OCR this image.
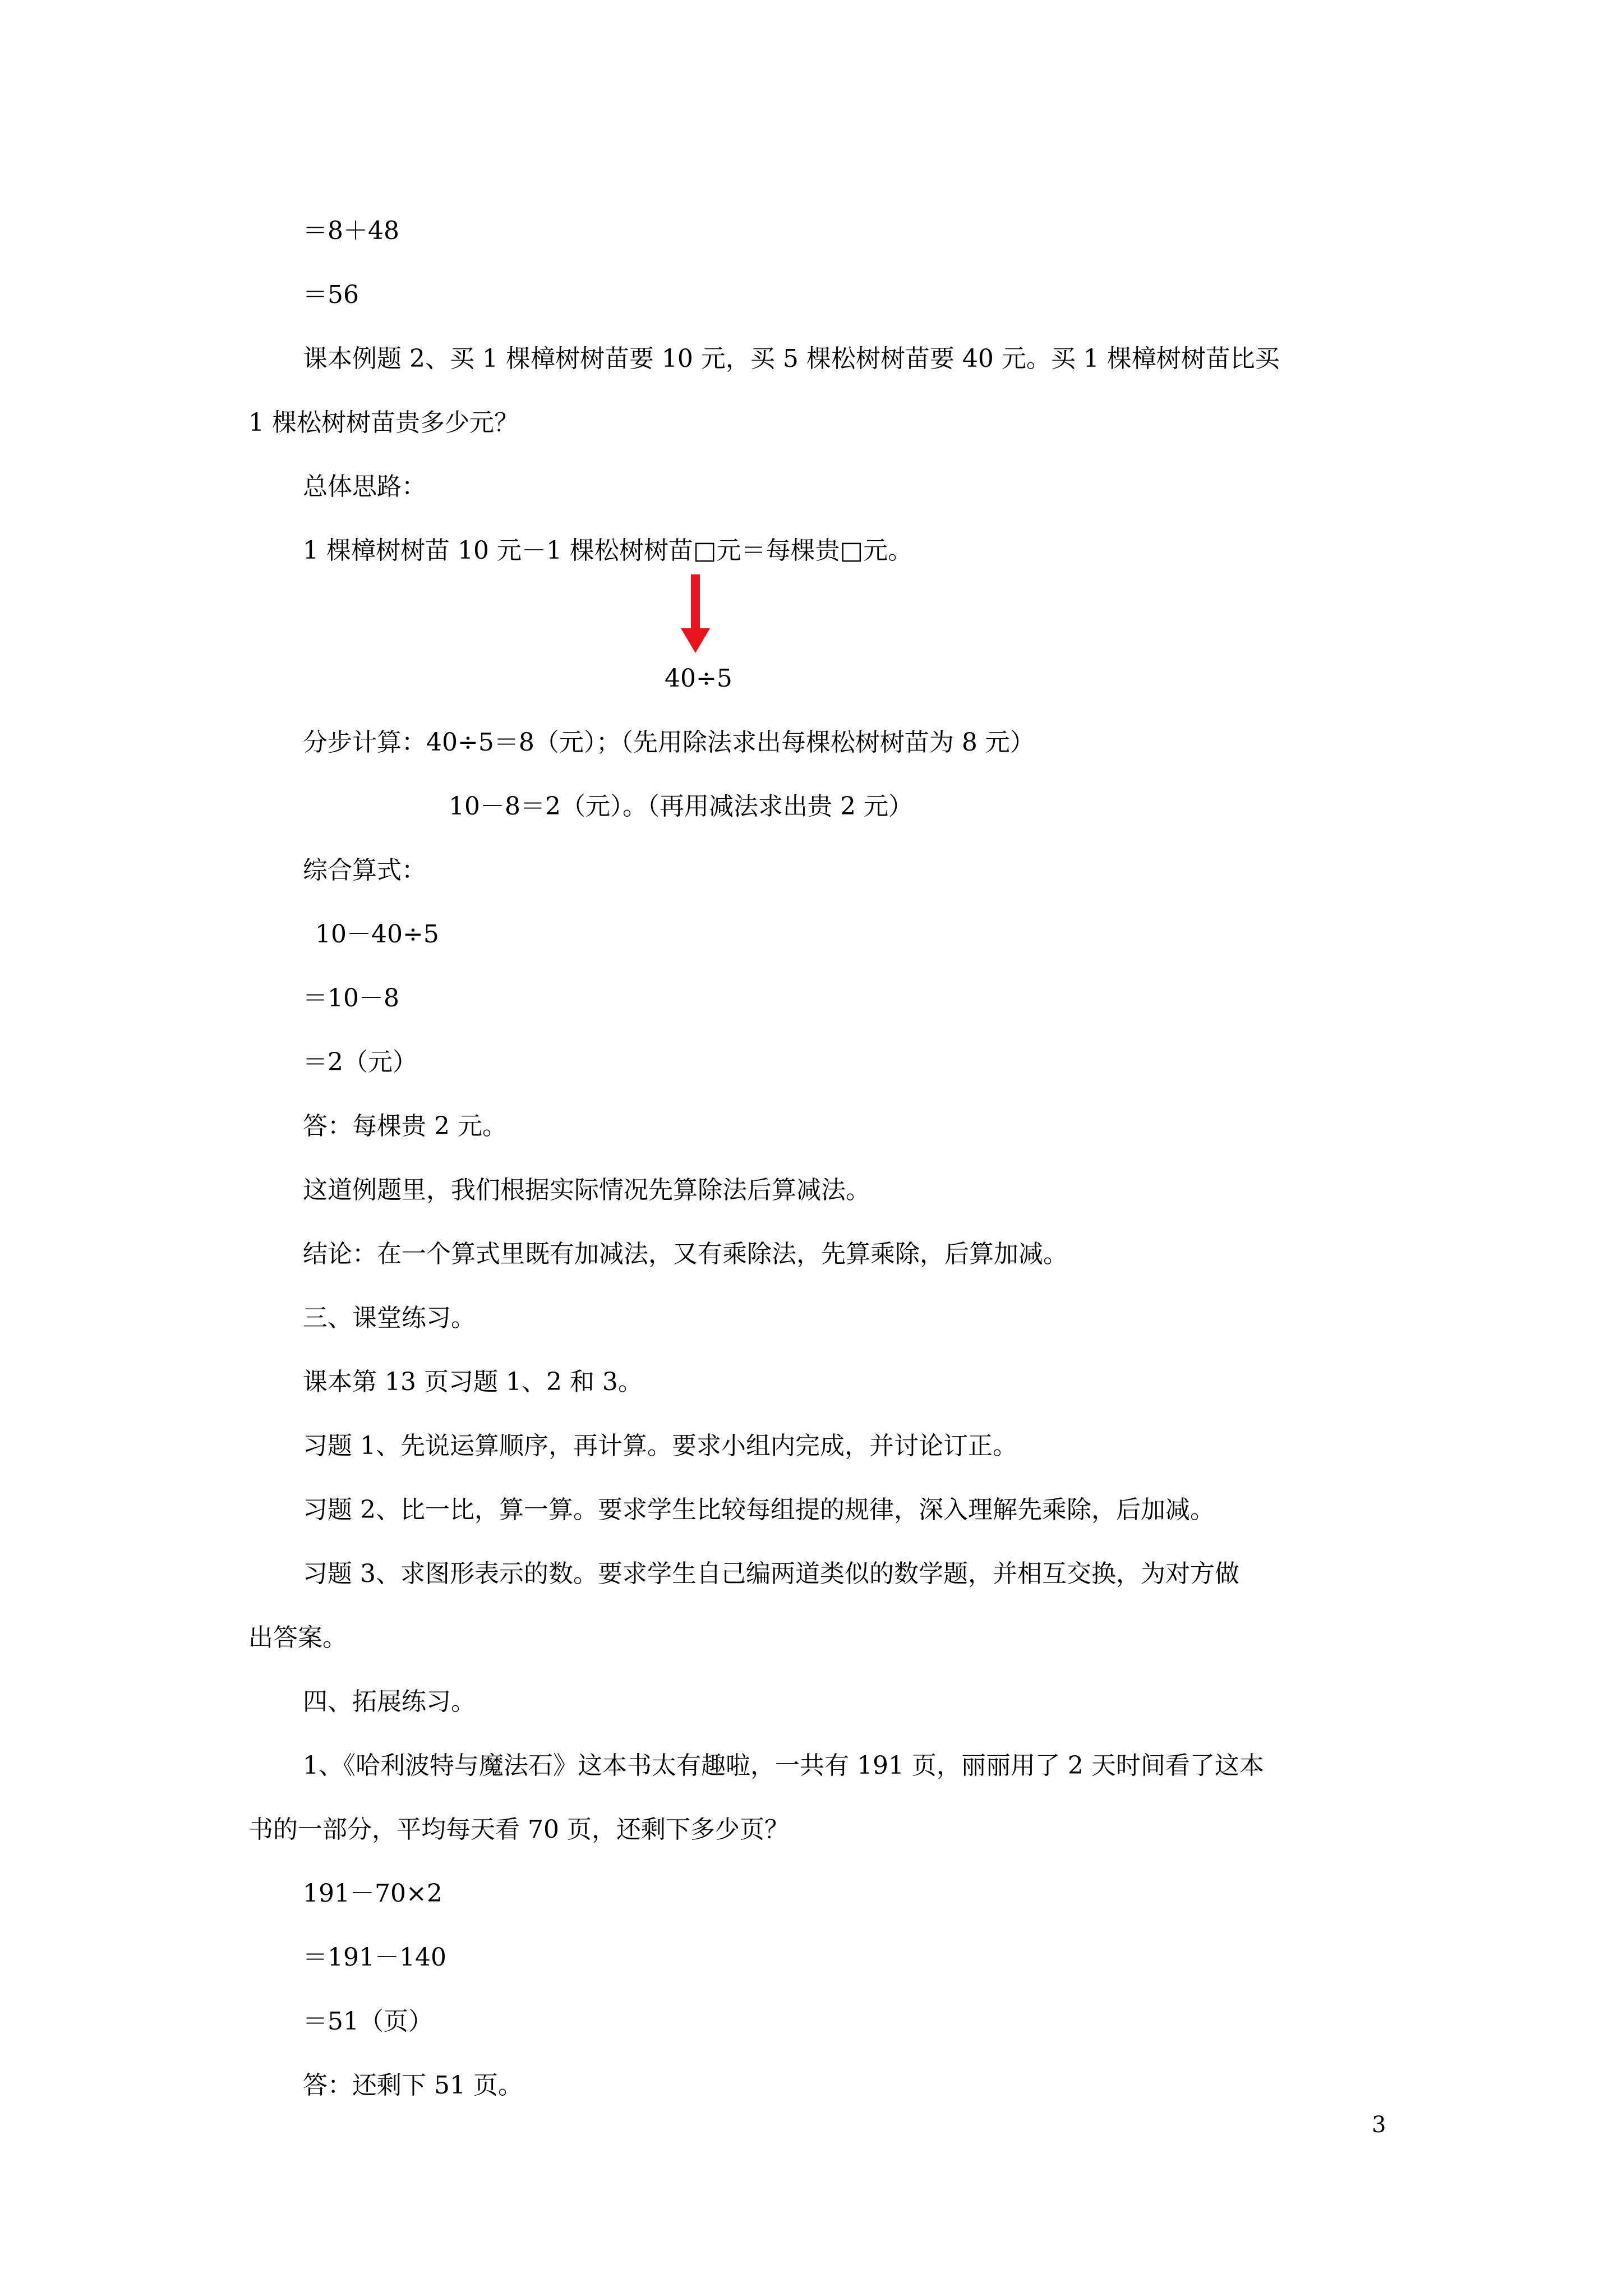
＝8＋48
＝56
课本例题 2、买 1 棵樟树树苗要 10 元，买 5 棵松树树苗要 40 元。买 1 棵樟树树苗比买
1 棵松树树苗贵多少元？
总体思路：
1 棵樟树树苗 10 元－1 棵松树树苗□元＝每棵贵□元。
40÷5
分步计算：40÷5＝8（元）；（先用除法求出每棵松树树苗为 8 元）
10－8＝2（元）。（再用减法求出贵 2 元）
综合算式：
10－40÷5
＝10－8
＝2（元）
答：每棵贵 2 元。
这道例题里，我们根据实际情况先算除法后算减法。
结论：在一个算式里既有加减法，又有乘除法，先算乘除，后算加减。
三、课堂练习。
课本第 13 页习题 1、2 和 3。
习题 1、先说运算顺序，再计算。要求小组内完成，并讨论订正。
习题 2、比一比，算一算。要求学生比较每组提的规律，深入理解先乘除，后加减。
习题 3、求图形表示的数。要求学生自己编两道类似的数学题，并相互交换，为对方做
出答案。
四、拓展练习。
1、《哈利波特与魔法石》这本书太有趣啦，一共有 191 页，丽丽用了 2 天时间看了这本
书的一部分，平均每天看 70 页，还剩下多少页？
191－70×2
＝191－140
＝51（页）
答：还剩下 51 页。
3
